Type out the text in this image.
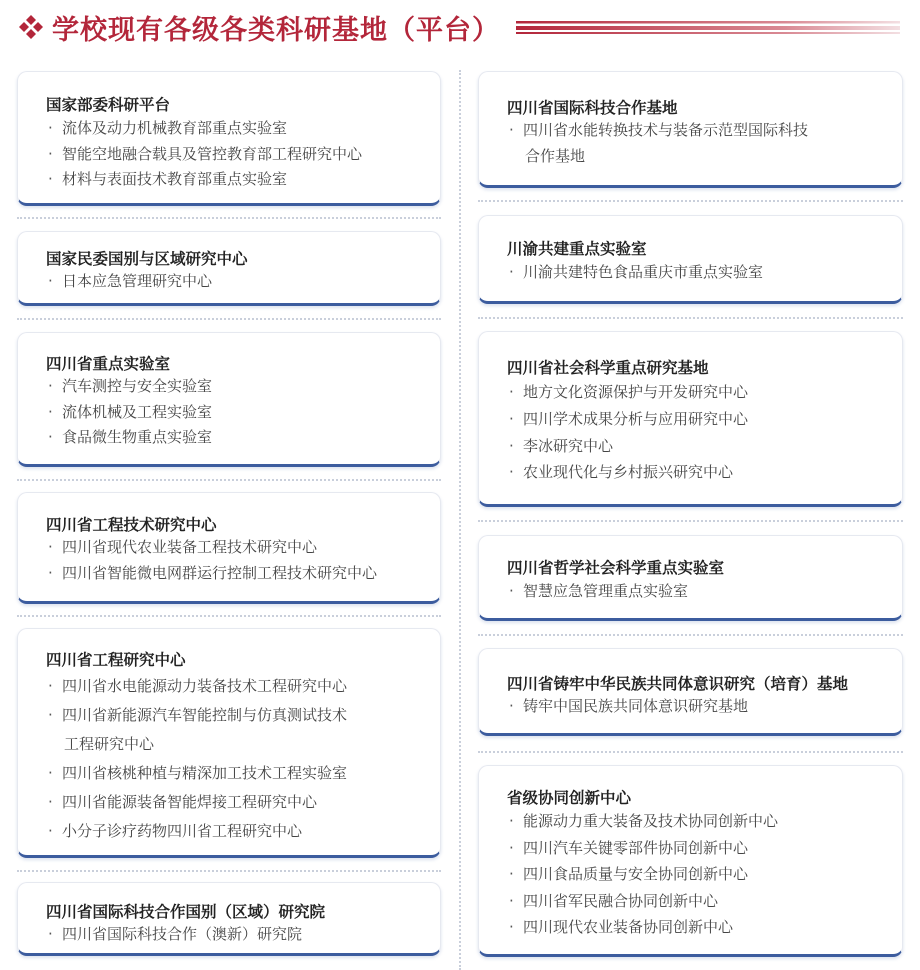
学校现有各级各类科研基地（平台）
国家部委科研平台
· 流体及动力机械教育部重点实验室
· 智能空地融合载具及管控教育部工程研究中心
· 材料与表面技术教育部重点实验室
国家民委国别与区域研究中心
· 日本应急管理研究中心
四川省重点实验室
· 汽车测控与安全实验室
· 流体机械及工程实验室
· 食品微生物重点实验室
四川省工程技术研究中心
· 四川省现代农业装备工程技术研究中心
· 四川省智能微电网群运行控制工程技术研究中心
四川省工程研究中心
· 四川省水电能源动力装备技术工程研究中心
· 四川省新能源汽车智能控制与仿真测试技术
工程研究中心
· 四川省核桃种植与精深加工技术工程实验室
· 四川省能源装备智能焊接工程研究中心
· 小分子诊疗药物四川省工程研究中心
四川省国际科技合作国别（区域）研究院
· 四川省国际科技合作（澳新）研究院
四川省国际科技合作基地
· 四川省水能转换技术与装备示范型国际科技
合作基地
川渝共建重点实验室
· 川渝共建特色食品重庆市重点实验室
四川省社会科学重点研究基地
· 地方文化资源保护与开发研究中心
· 四川学术成果分析与应用研究中心
· 李冰研究中心
· 农业现代化与乡村振兴研究中心
四川省哲学社会科学重点实验室
· 智慧应急管理重点实验室
四川省铸牢中华民族共同体意识研究（培育）基地
· 铸牢中国民族共同体意识研究基地
省级协同创新中心
· 能源动力重大装备及技术协同创新中心
· 四川汽车关键零部件协同创新中心
· 四川食品质量与安全协同创新中心
· 四川省军民融合协同创新中心
· 四川现代农业装备协同创新中心
